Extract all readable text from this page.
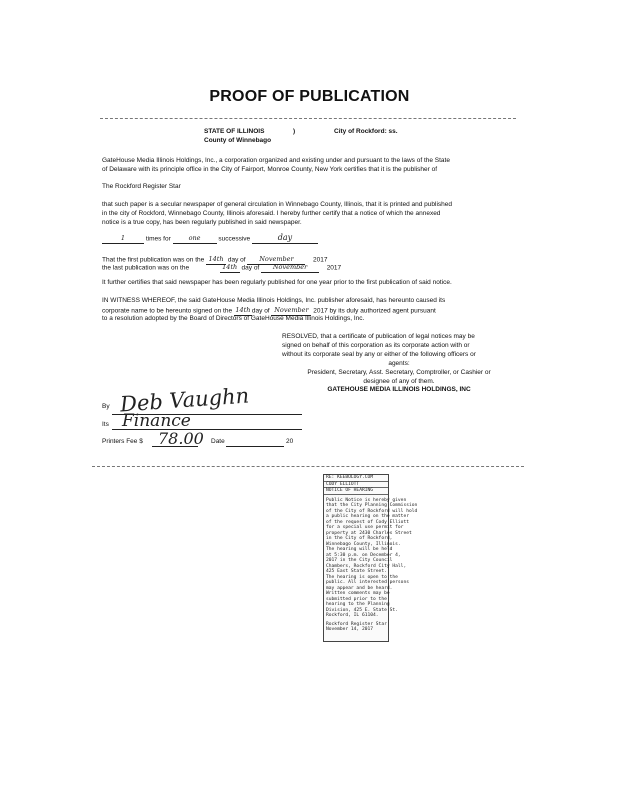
PROOF OF PUBLICATION
STATE OF ILLINOIS	)	City of Rockford: ss.
County of Winnebago
GateHouse Media Illinois Holdings, Inc., a corporation organized and existing under and pursuant to the laws of the State
of Delaware with its principle office in the City of Fairport, Monroe County, New York certifies that it is the publisher of
The Rockford Register Star
that such paper is a secular newspaper of general circulation in Winnebago County, Illinois, that it is printed and published
in the city of Rockford, Winnebago County, Illinois aforesaid. I hereby further certify that a notice of which the annexed
notice is a true copy, has been regularly published in said newspaper.
1	times for	one	successive	day
That the first publication was on the 14th day of November	2017
the last publication was on the	14th day of November	2017
It further certifies that said newspaper has been regularly published for one year prior to the first publication of said notice.
IN WITNESS WHEREOF, the said GateHouse Media Illinois Holdings, Inc. publisher aforesaid, has hereunto caused its
corporate name to be hereunto signed on the 14thday of November 2017 by its duly authorized agent pursuant
to a resolution adopted by the Board of Directors of GateHouse Media Illinois Holdings, Inc.
RESOLVED, that a certificate of publication of legal notices may be
signed on behalf of this corporation as its corporate action with or
without its corporate seal by any or either of the following officers or
agents:
President, Secretary, Asst. Secretary, Comptroller, or Cashier or
designee of any of them.
GATEHOUSE MEDIA ILLINOIS HOLDINGS, INC
By Deb Vaughn
Its Finance
Printers Fee $ 78.00 Date	20
RE: KEEBOLOGY.COM
CODY ELLIOTT
NOTICE OF HEARING
Public Notice is hereby given
that the City Planning Commission
of the City of Rockford will hold
a public hearing on the matter
of the request of Cody Elliott
for a special use permit for
property at 2430 Charles Street
in the City of Rockford,
Winnebago County, Illinois.
The hearing will be held
at 5:30 p.m. on December 4,
2017 in the City Council
Chambers, Rockford City Hall,
425 East State Street.
The hearing is open to the
public. All interested persons
may appear and be heard.
Written comments may be
submitted prior to the
hearing to the Planning
Division, 425 E. State St.
Rockford, IL 61104.
Rockford Register Star
November 14, 2017
